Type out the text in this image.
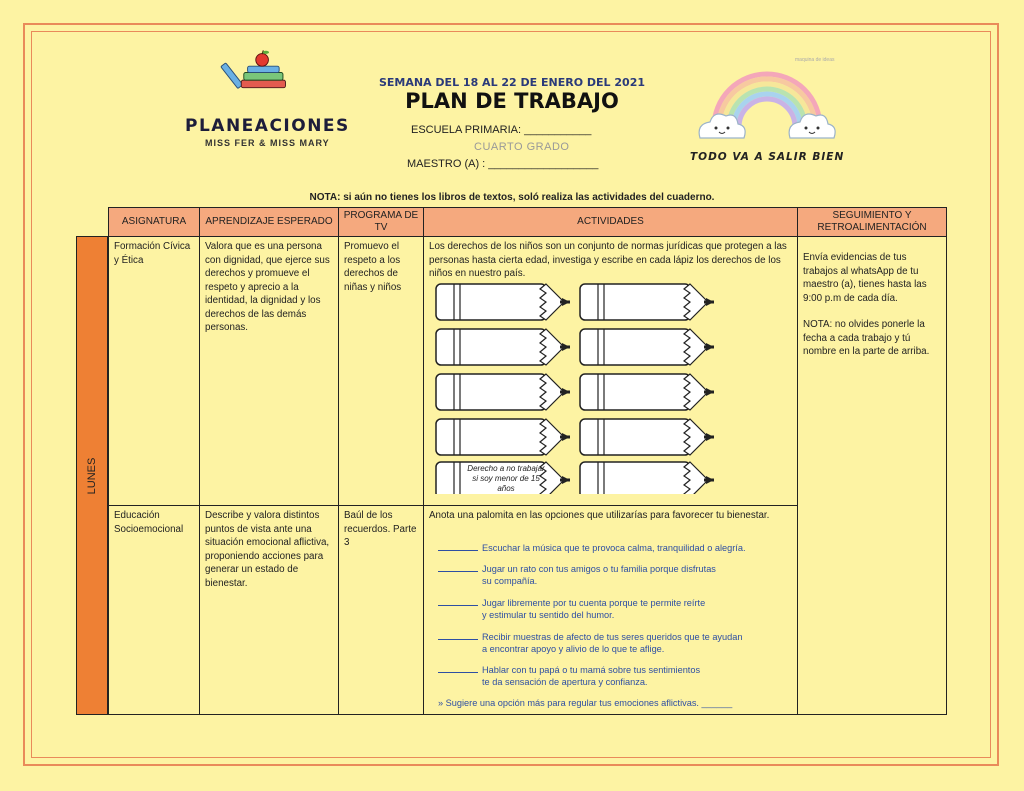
PLANEACIONES
MISS FER & MISS MARY
SEMANA DEL 18 AL 22 DE ENERO DEL 2021
PLAN DE TRABAJO
ESCUELA PRIMARIA: ___________
CUARTO GRADO
MAESTRO (A) : __________________
maquina de ideas
TODO VA A SALIR BIEN
NOTA: si aún no tienes los libros de textos, soló realiza las actividades del cuaderno.
ASIGNATURA	APRENDIZAJE ESPERADO
PROGRAMA DE TV
ACTIVIDADES
SEGUIMIENTO Y RETROALIMENTACIÓN
LUNES
Formación Cívica y Ética
Valora que es una persona con dignidad, que ejerce sus derechos y promueve el respeto y aprecio a la identidad, la dignidad y los derechos de las demás personas.
Promuevo el respeto a los derechos de niñas y niños
Los derechos de los niños son un conjunto de normas jurídicas que protegen a las personas hasta cierta edad, investiga y escribe en cada lápiz los derechos de los niños en nuestro país.
Derecho a no trabajar si soy menor de 15 años
Envía evidencias de tus trabajos al whatsApp de tu maestro (a), tienes hasta las 9:00 p.m de cada día.
NOTA: no olvides ponerle la fecha a cada trabajo y tú nombre en la parte de arriba.
Educación Socioemocional
Describe y valora distintos puntos de vista ante una situación emocional aflictiva, proponiendo acciones para generar un estado de bienestar.
Baúl de los recuerdos. Parte 3
Anota una palomita en las opciones que utilizarías para favorecer tu bienestar.
Escuchar la música que te provoca calma, tranquilidad o alegría.
Jugar un rato con tus amigos o tu familia porque disfrutas
su compañía.
Jugar libremente por tu cuenta porque te permite reírte
y estimular tu sentido del humor.
Recibir muestras de afecto de tus seres queridos que te ayudan
a encontrar apoyo y alivio de lo que te aflige.
Hablar con tu papá o tu mamá sobre tus sentimientos
te da sensación de apertura y confianza.
» Sugiere una opción más para regular tus emociones aflictivas. ______
